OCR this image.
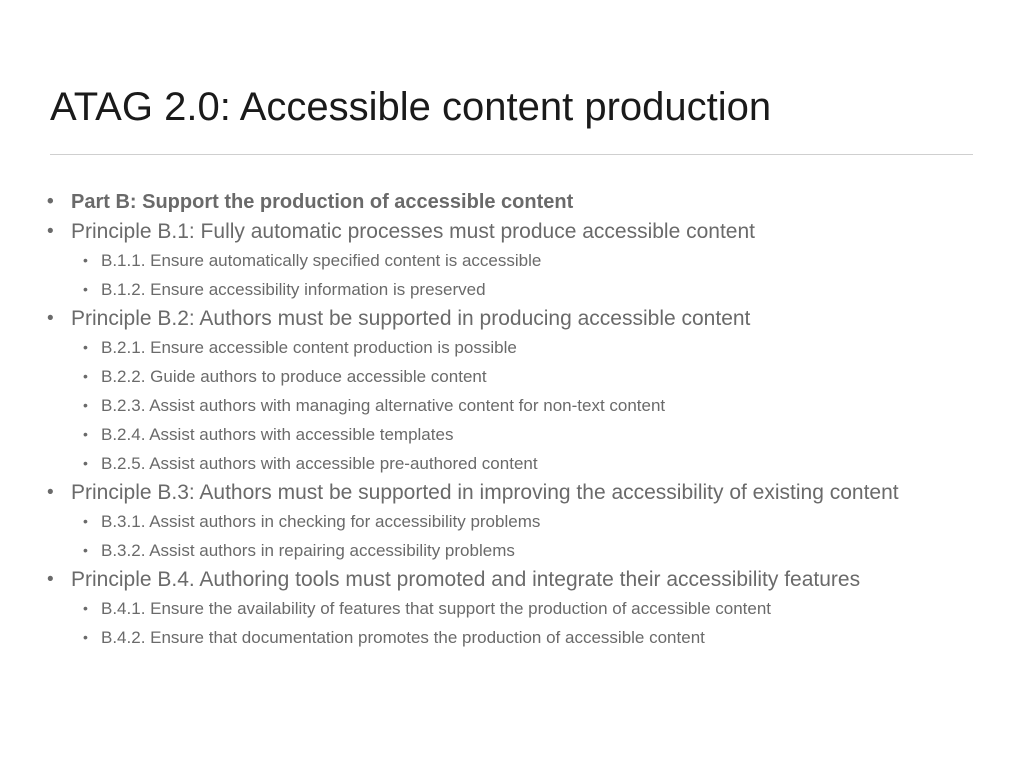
ATAG 2.0: Accessible content production
• Part B: Support the production of accessible content
• Principle B.1: Fully automatic processes must produce accessible content
• B.1.1. Ensure automatically specified content is accessible
• B.1.2. Ensure accessibility information is preserved
• Principle B.2: Authors must be supported in producing accessible content
• B.2.1. Ensure accessible content production is possible
• B.2.2. Guide authors to produce accessible content
• B.2.3. Assist authors with managing alternative content for non-text content
• B.2.4. Assist authors with accessible templates
• B.2.5. Assist authors with accessible pre-authored content
• Principle B.3: Authors must be supported in improving the accessibility of existing content
• B.3.1. Assist authors in checking for accessibility problems
• B.3.2. Assist authors in repairing accessibility problems
• Principle B.4. Authoring tools must promoted and integrate their accessibility features
• B.4.1. Ensure the availability of features that support the production of accessible content
• B.4.2. Ensure that documentation promotes the production of accessible content
